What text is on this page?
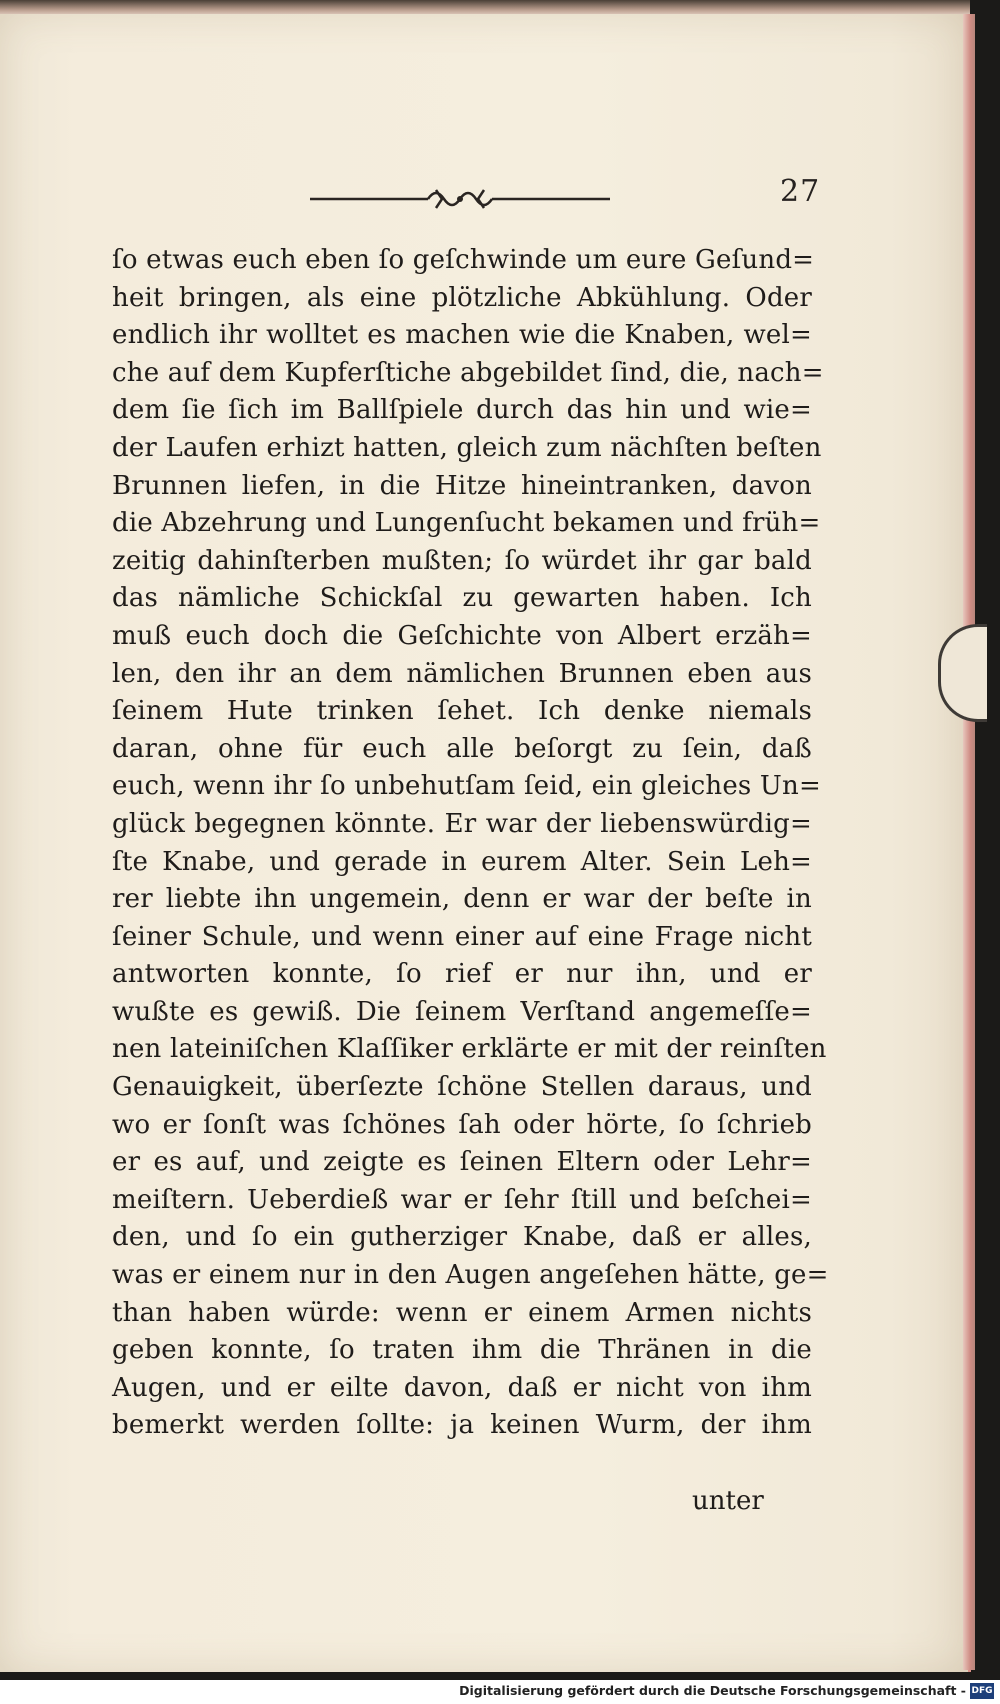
27
ſo etwas euch eben ſo geſchwinde um eure Geſund=
heit bringen, als eine plötzliche Abkühlung. Oder
endlich ihr wolltet es machen wie die Knaben, wel=
che auf dem Kupferſtiche abgebildet ſind, die, nach=
dem ſie ſich im Ballſpiele durch das hin und wie=
der Laufen erhizt hatten, gleich zum nächſten beſten
Brunnen liefen, in die Hitze hineintranken, davon
die Abzehrung und Lungenſucht bekamen und früh=
zeitig dahinſterben mußten; ſo würdet ihr gar bald
das nämliche Schickſal zu gewarten haben. Ich
muß euch doch die Geſchichte von Albert erzäh=
len, den ihr an dem nämlichen Brunnen eben aus
ſeinem Hute trinken ſehet. Ich denke niemals
daran, ohne für euch alle beſorgt zu ſein, daß
euch, wenn ihr ſo unbehutſam ſeid, ein gleiches Un=
glück begegnen könnte. Er war der liebenswürdig=
ſte Knabe, und gerade in eurem Alter. Sein Leh=
rer liebte ihn ungemein, denn er war der beſte in
ſeiner Schule, und wenn einer auf eine Frage nicht
antworten konnte, ſo rief er nur ihn, und er
wußte es gewiß. Die ſeinem Verſtand angemeſſe=
nen lateiniſchen Klaſſiker erklärte er mit der reinſten
Genauigkeit, überſezte ſchöne Stellen daraus, und
wo er ſonſt was ſchönes ſah oder hörte, ſo ſchrieb
er es auf, und zeigte es ſeinen Eltern oder Lehr=
meiſtern. Ueberdieß war er ſehr ſtill und beſchei=
den, und ſo ein gutherziger Knabe, daß er alles,
was er einem nur in den Augen angeſehen hätte, ge=
than haben würde: wenn er einem Armen nichts
geben konnte, ſo traten ihm die Thränen in die
Augen, und er eilte davon, daß er nicht von ihm
bemerkt werden ſollte: ja keinen Wurm, der ihm
unter
Digitalisierung gefördert durch die Deutsche Forschungsgemeinschaft - DFG
